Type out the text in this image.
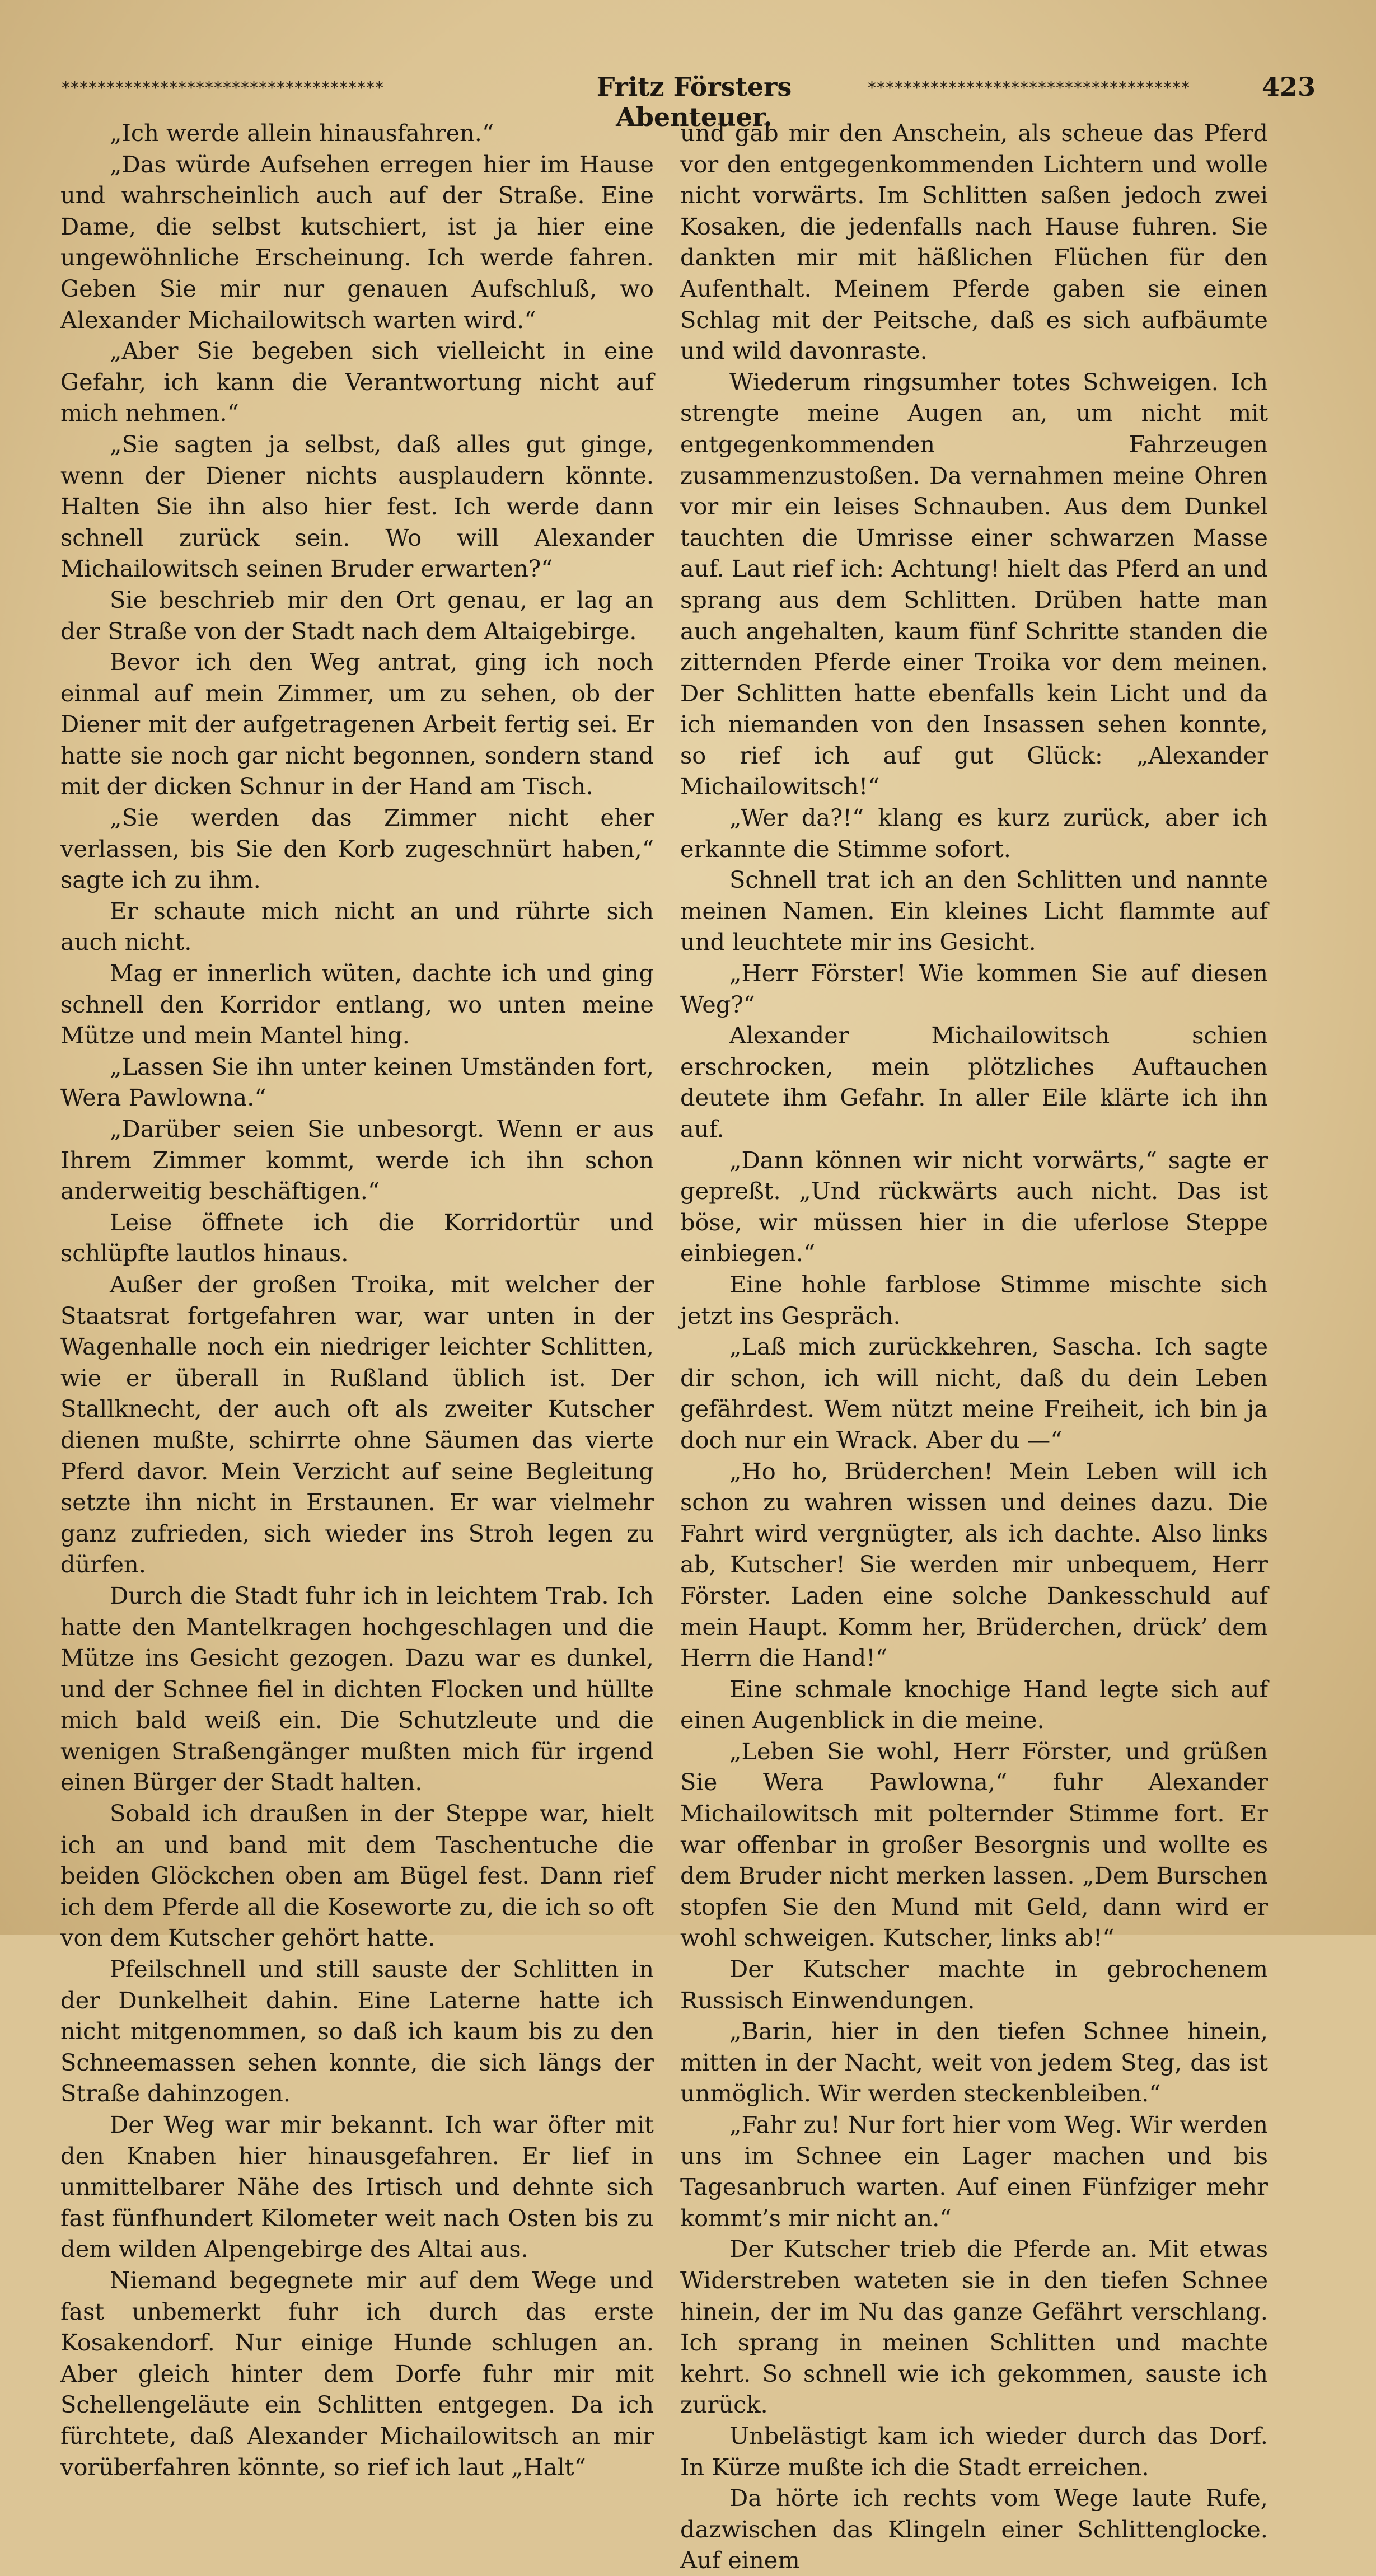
************************************	Fritz Försters Abenteuer.
************************************	423

„Ich werde allein hinausfahren.“

„Das würde Aufsehen erregen hier im Hause und wahrscheinlich auch auf der Straße. Eine Dame, die selbst kutschiert, ist ja hier eine ungewöhnliche Erscheinung. Ich werde fahren. Geben Sie mir nur genauen Aufschluß, wo Alexander Michailowitsch warten wird.“

„Aber Sie begeben sich vielleicht in eine Gefahr, ich kann die Verantwortung nicht auf mich nehmen.“

„Sie sagten ja selbst, daß alles gut ginge, wenn der Diener nichts ausplaudern könnte. Halten Sie ihn also hier fest. Ich werde dann schnell zurück sein. Wo will Alexander Michailowitsch seinen Bruder erwarten?“

Sie beschrieb mir den Ort genau, er lag an der Straße von der Stadt nach dem Altaigebirge.

Bevor ich den Weg antrat, ging ich noch einmal auf mein Zimmer, um zu sehen, ob der Diener mit der aufgetragenen Arbeit fertig sei. Er hatte sie noch gar nicht begonnen, sondern stand mit der dicken Schnur in der Hand am Tisch.

„Sie werden das Zimmer nicht eher verlassen, bis Sie den Korb zugeschnürt haben,“ sagte ich zu ihm.

Er schaute mich nicht an und rührte sich auch nicht.

Mag er innerlich wüten, dachte ich und ging schnell den Korridor entlang, wo unten meine Mütze und mein Mantel hing.

„Lassen Sie ihn unter keinen Umständen fort, Wera Pawlowna.“

„Darüber seien Sie unbesorgt. Wenn er aus Ihrem Zimmer kommt, werde ich ihn schon anderweitig beschäftigen.“

Leise öffnete ich die Korridortür und schlüpfte lautlos hinaus.

Außer der großen Troika, mit welcher der Staatsrat fortgefahren war, war unten in der Wagenhalle noch ein niedriger leichter Schlitten, wie er überall in Rußland üblich ist. Der Stallknecht, der auch oft als zweiter Kutscher dienen mußte, schirrte ohne Säumen das vierte Pferd davor. Mein Verzicht auf seine Begleitung setzte ihn nicht in Erstaunen. Er war vielmehr ganz zufrieden, sich wieder ins Stroh legen zu dürfen.

Durch die Stadt fuhr ich in leichtem Trab. Ich hatte den Mantelkragen hochgeschlagen und die Mütze ins Gesicht gezogen. Dazu war es dunkel, und der Schnee fiel in dichten Flocken und hüllte mich bald weiß ein. Die Schutzleute und die wenigen Straßengänger mußten mich für irgend einen Bürger der Stadt halten.

Sobald ich draußen in der Steppe war, hielt ich an und band mit dem Taschentuche die beiden Glöckchen oben am Bügel fest. Dann rief ich dem Pferde all die Koseworte zu, die ich so oft von dem Kutscher gehört hatte.

Pfeilschnell und still sauste der Schlitten in der Dunkelheit dahin. Eine Laterne hatte ich nicht mitgenommen, so daß ich kaum bis zu den Schneemassen sehen konnte, die sich längs der Straße dahinzogen.

Der Weg war mir bekannt. Ich war öfter mit den Knaben hier hinausgefahren. Er lief in unmittelbarer Nähe des Irtisch und dehnte sich fast fünfhundert Kilometer weit nach Osten bis zu dem wilden Alpengebirge des Altai aus.

Niemand begegnete mir auf dem Wege und fast unbemerkt fuhr ich durch das erste Kosakendorf. Nur einige Hunde schlugen an. Aber gleich hinter dem Dorfe fuhr mir mit Schellengeläute ein Schlitten entgegen. Da ich fürchtete, daß Alexander Michailowitsch an mir vorüberfahren könnte, so rief ich laut „Halt“

und gab mir den Anschein, als scheue das Pferd vor den entgegenkommenden Lichtern und wolle nicht vorwärts. Im Schlitten saßen jedoch zwei Kosaken, die jedenfalls nach Hause fuhren. Sie dankten mir mit häßlichen Flüchen für den Aufenthalt. Meinem Pferde gaben sie einen Schlag mit der Peitsche, daß es sich aufbäumte und wild davonraste.

Wiederum ringsumher totes Schweigen. Ich strengte meine Augen an, um nicht mit entgegenkommenden Fahrzeugen zusammenzustoßen. Da vernahmen meine Ohren vor mir ein leises Schnauben. Aus dem Dunkel tauchten die Umrisse einer schwarzen Masse auf. Laut rief ich: Achtung! hielt das Pferd an und sprang aus dem Schlitten. Drüben hatte man auch angehalten, kaum fünf Schritte standen die zitternden Pferde einer Troika vor dem meinen. Der Schlitten hatte ebenfalls kein Licht und da ich niemanden von den Insassen sehen konnte, so rief ich auf gut Glück: „Alexander Michailowitsch!“

„Wer da?!“ klang es kurz zurück, aber ich erkannte die Stimme sofort.

Schnell trat ich an den Schlitten und nannte meinen Namen. Ein kleines Licht flammte auf und leuchtete mir ins Gesicht.

„Herr Förster! Wie kommen Sie auf diesen Weg?“

Alexander Michailowitsch schien erschrocken, mein plötzliches Auftauchen deutete ihm Gefahr. In aller Eile klärte ich ihn auf.

„Dann können wir nicht vorwärts,“ sagte er gepreßt. „Und rückwärts auch nicht. Das ist böse, wir müssen hier in die uferlose Steppe einbiegen.“

Eine hohle farblose Stimme mischte sich jetzt ins Gespräch.

„Laß mich zurückkehren, Sascha. Ich sagte dir schon, ich will nicht, daß du dein Leben gefährdest. Wem nützt meine Freiheit, ich bin ja doch nur ein Wrack. Aber du —“

„Ho ho, Brüderchen! Mein Leben will ich schon zu wahren wissen und deines dazu. Die Fahrt wird vergnügter, als ich dachte. Also links ab, Kutscher! Sie werden mir unbequem, Herr Förster. Laden eine solche Dankesschuld auf mein Haupt. Komm her, Brüderchen, drück’ dem Herrn die Hand!“

Eine schmale knochige Hand legte sich auf einen Augenblick in die meine.

„Leben Sie wohl, Herr Förster, und grüßen Sie Wera Pawlowna,“ fuhr Alexander Michailowitsch mit polternder Stimme fort. Er war offenbar in großer Besorgnis und wollte es dem Bruder nicht merken lassen. „Dem Burschen stopfen Sie den Mund mit Geld, dann wird er wohl schweigen. Kutscher, links ab!“

Der Kutscher machte in gebrochenem Russisch Einwendungen.

„Barin, hier in den tiefen Schnee hinein, mitten in der Nacht, weit von jedem Steg, das ist unmöglich. Wir werden steckenbleiben.“

„Fahr zu! Nur fort hier vom Weg. Wir werden uns im Schnee ein Lager machen und bis Tagesanbruch warten. Auf einen Fünfziger mehr kommt’s mir nicht an.“

Der Kutscher trieb die Pferde an. Mit etwas Widerstreben wateten sie in den tiefen Schnee hinein, der im Nu das ganze Gefährt verschlang. Ich sprang in meinen Schlitten und machte kehrt. So schnell wie ich gekommen, sauste ich zurück.

Unbelästigt kam ich wieder durch das Dorf. In Kürze mußte ich die Stadt erreichen.

Da hörte ich rechts vom Wege laute Rufe, dazwischen das Klingeln einer Schlittenglocke. Auf einem
